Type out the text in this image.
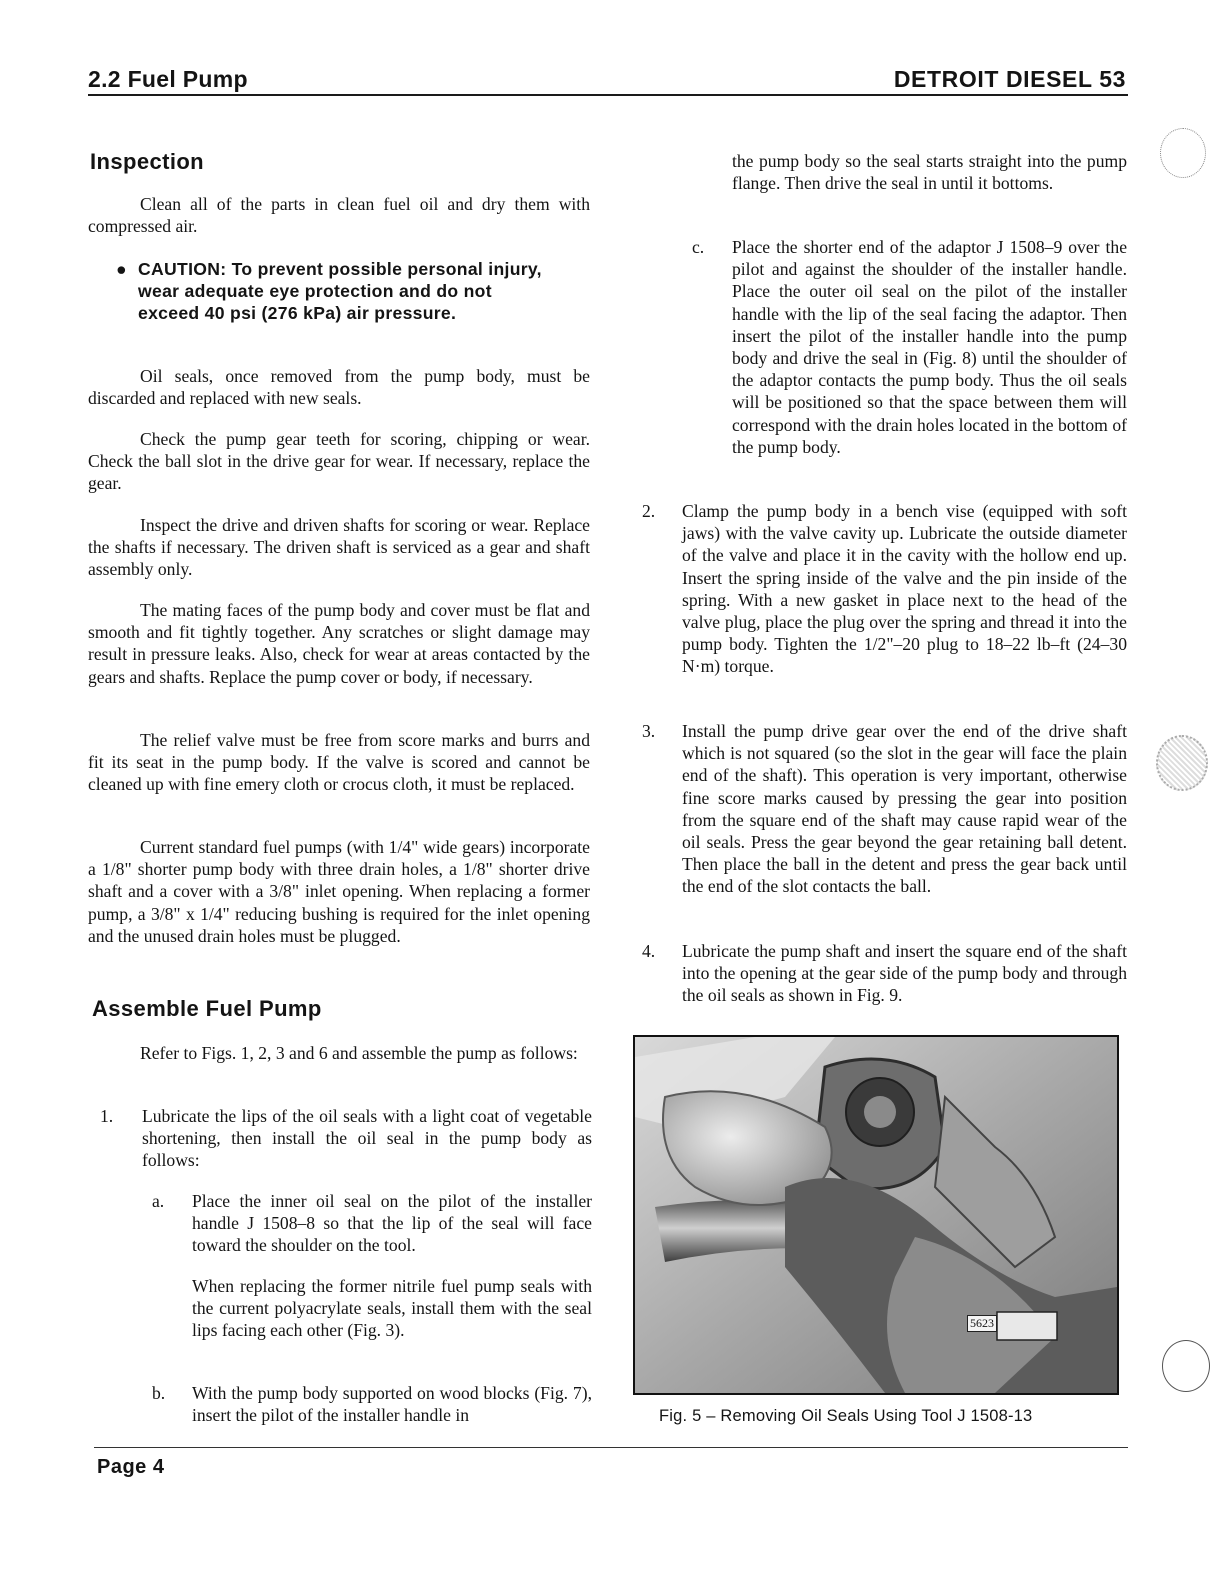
2.2 Fuel Pump	DETROIT DIESEL 53
Inspection
Clean all of the parts in clean fuel oil and dry them with compressed air.
● CAUTION: To prevent possible personal injury, wear adequate eye protection and do not exceed 40 psi (276 kPa) air pressure.
Oil seals, once removed from the pump body, must be discarded and replaced with new seals.
Check the pump gear teeth for scoring, chipping or wear. Check the ball slot in the drive gear for wear. If necessary, replace the gear.
Inspect the drive and driven shafts for scoring or wear. Replace the shafts if necessary. The driven shaft is serviced as a gear and shaft assembly only.
The mating faces of the pump body and cover must be flat and smooth and fit tightly together. Any scratches or slight damage may result in pressure leaks. Also, check for wear at areas contacted by the gears and shafts. Replace the pump cover or body, if necessary.
The relief valve must be free from score marks and burrs and fit its seat in the pump body. If the valve is scored and cannot be cleaned up with fine emery cloth or crocus cloth, it must be replaced.
Current standard fuel pumps (with 1/4" wide gears) incorporate a 1/8" shorter pump body with three drain holes, a 1/8" shorter drive shaft and a cover with a 3/8" inlet opening. When replacing a former pump, a 3/8" x 1/4" reducing bushing is required for the inlet opening and the unused drain holes must be plugged.
Assemble Fuel Pump
Refer to Figs. 1, 2, 3 and 6 and assemble the pump as follows:
1. Lubricate the lips of the oil seals with a light coat of vegetable shortening, then install the oil seal in the pump body as follows:
a. Place the inner oil seal on the pilot of the installer handle J 1508–8 so that the lip of the seal will face toward the shoulder on the tool.
When replacing the former nitrile fuel pump seals with the current polyacrylate seals, install them with the seal lips facing each other (Fig. 3).
b. With the pump body supported on wood blocks (Fig. 7), insert the pilot of the installer handle in
the pump body so the seal starts straight into the pump flange. Then drive the seal in until it bottoms.
c. Place the shorter end of the adaptor J 1508–9 over the pilot and against the shoulder of the installer handle. Place the outer oil seal on the pilot of the installer handle with the lip of the seal facing the adaptor. Then insert the pilot of the installer handle into the pump body and drive the seal in (Fig. 8) until the shoulder of the adaptor contacts the pump body. Thus the oil seals will be positioned so that the space between them will correspond with the drain holes located in the bottom of the pump body.
2. Clamp the pump body in a bench vise (equipped with soft jaws) with the valve cavity up. Lubricate the outside diameter of the valve and place it in the cavity with the hollow end up. Insert the spring inside of the valve and the pin inside of the spring. With a new gasket in place next to the head of the valve plug, place the plug over the spring and thread it into the pump body. Tighten the 1/2"–20 plug to 18–22 lb–ft (24–30 N·m) torque.
3. Install the pump drive gear over the end of the drive shaft which is not squared (so the slot in the gear will face the plain end of the shaft). This operation is very important, otherwise fine score marks caused by pressing the gear into position from the square end of the shaft may cause rapid wear of the oil seals. Press the gear beyond the gear retaining ball detent. Then place the ball in the detent and press the gear back until the end of the slot contacts the ball.
4. Lubricate the pump shaft and insert the square end of the shaft into the opening at the gear side of the pump body and through the oil seals as shown in Fig. 9.
5623
Fig. 5 – Removing Oil Seals Using Tool J 1508-13
Page 4
